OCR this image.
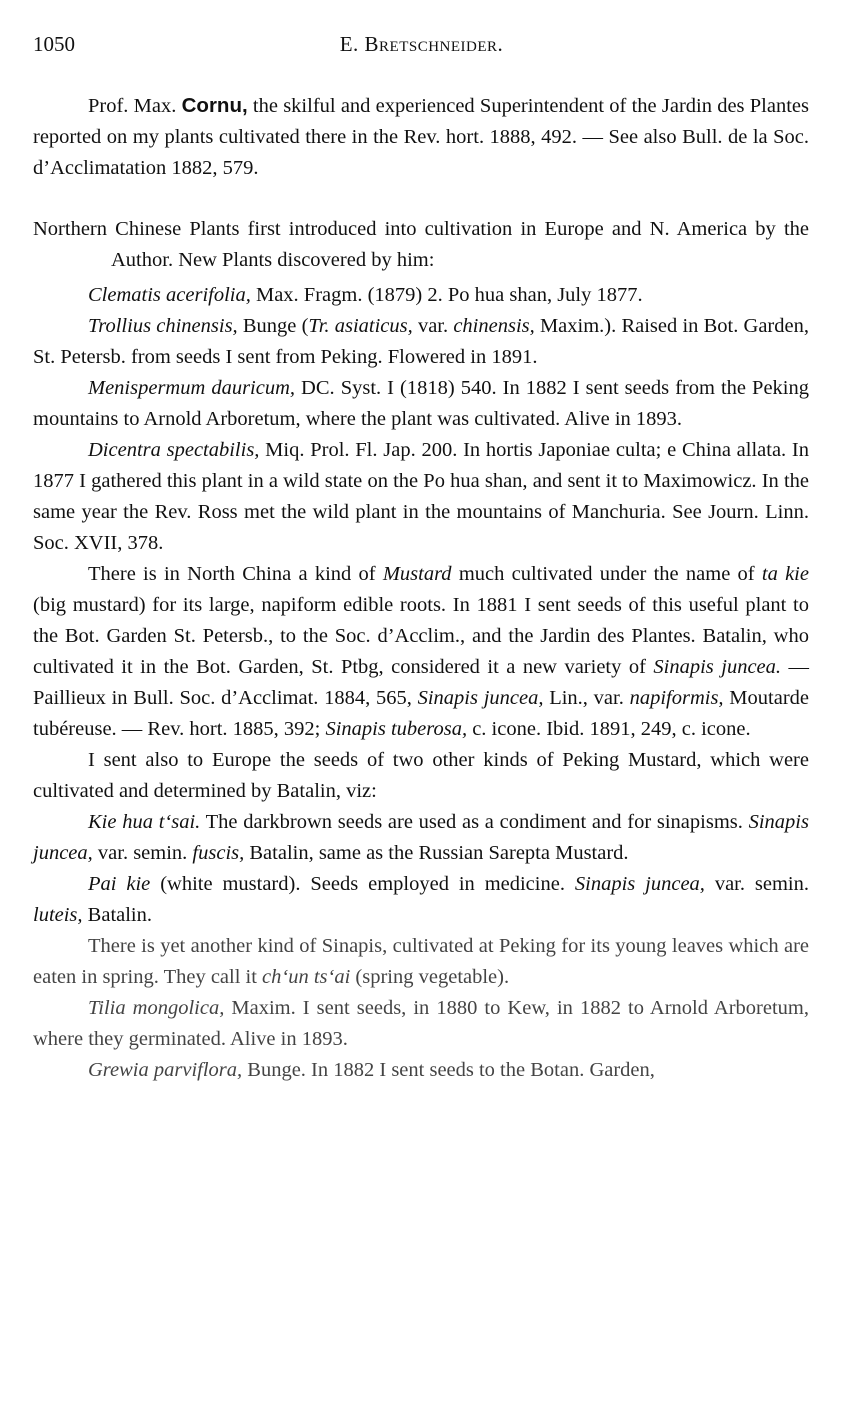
1050	E. Bretschneider.

Prof. Max. Cornu, the skilful and experienced Superintendent of the Jardin des Plantes reported on my plants cultivated there in the Rev. hort. 1888, 492. — See also Bull. de la Soc. d’Acclimatation 1882, 579.

Northern Chinese Plants first introduced into cultivation in Europe and N. America by the Author. New Plants discovered by him:

Clematis acerifolia, Max. Fragm. (1879) 2. Po hua shan, July 1877.

Trollius chinensis, Bunge (Tr. asiaticus, var. chinensis, Maxim.). Raised in Bot. Garden, St. Petersb. from seeds I sent from Peking. Flowered in 1891.

Menispermum dauricum, DC. Syst. I (1818) 540. In 1882 I sent seeds from the Peking mountains to Arnold Arboretum, where the plant was cultivated. Alive in 1893.

Dicentra spectabilis, Miq. Prol. Fl. Jap. 200. In hortis Japoniae culta; e China allata. In 1877 I gathered this plant in a wild state on the Po hua shan, and sent it to Maximowicz. In the same year the Rev. Ross met the wild plant in the mountains of Manchuria. See Journ. Linn. Soc. XVII, 378.

There is in North China a kind of Mustard much cultivated under the name of ta kie (big mustard) for its large, napiform edible roots. In 1881 I sent seeds of this useful plant to the Bot. Garden St. Petersb., to the Soc. d’Acclim., and the Jardin des Plantes. Batalin, who cultivated it in the Bot. Garden, St. Ptbg, considered it a new variety of Sinapis juncea. — Paillieux in Bull. Soc. d’Acclimat. 1884, 565, Sinapis juncea, Lin., var. napiformis, Moutarde tubéreuse. — Rev. hort. 1885, 392; Sinapis tuberosa, c. icone. Ibid. 1891, 249, c. icone.

I sent also to Europe the seeds of two other kinds of Peking Mustard, which were cultivated and determined by Batalin, viz:

Kie hua t‘sai. The darkbrown seeds are used as a condiment and for sinapisms. Sinapis juncea, var. semin. fuscis, Batalin, same as the Russian Sarepta Mustard.

Pai kie (white mustard). Seeds employed in medicine. Sinapis juncea, var. semin. luteis, Batalin.

There is yet another kind of Sinapis, cultivated at Peking for its young leaves which are eaten in spring. They call it ch‘un ts‘ai (spring vegetable).

Tilia mongolica, Maxim. I sent seeds, in 1880 to Kew, in 1882 to Arnold Arboretum, where they germinated. Alive in 1893.

Grewia parviflora, Bunge. In 1882 I sent seeds to the Botan. Garden,
